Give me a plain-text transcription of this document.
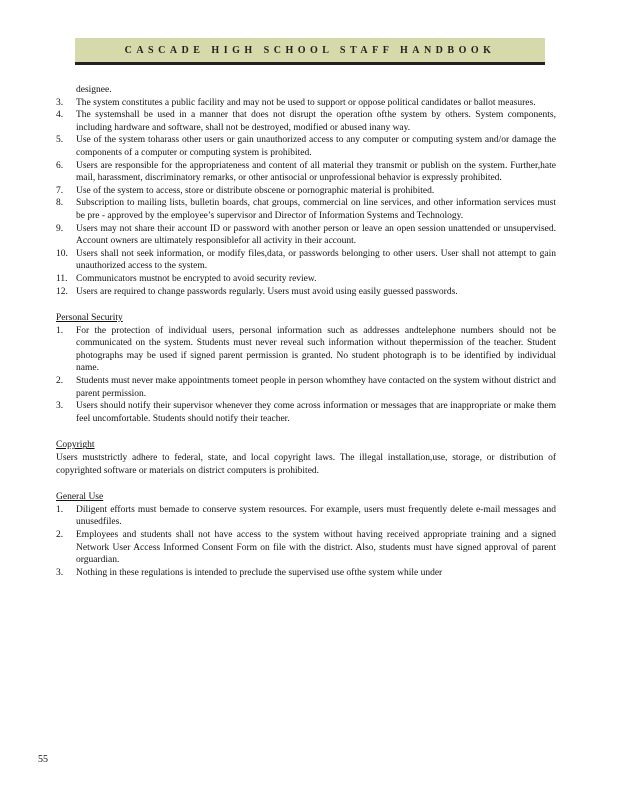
CASCADE HIGH SCHOOL STAFF HANDBOOK
designee.
3. The system constitutes a public facility and may not be used to support or oppose political candidates or ballot measures.
4. The systemshall be used in a manner that does not disrupt the operation ofthe system by others. System components, including hardware and software, shall not be destroyed, modified or abused inany way.
5. Use of the system toharass other users or gain unauthorized access to any computer or computing system and/or damage the components of a computer or computing system is prohibited.
6. Users are responsible for the appropriateness and content of all material they transmit or publish on the system. Further,hate mail, harassment, discriminatory remarks, or other antisocial or unprofessional behavior is expressly prohibited.
7. Use of the system to access, store or distribute obscene or pornographic material is prohibited.
8. Subscription to mailing lists, bulletin boards, chat groups, commercial on line services, and other information services must be pre - approved by the employee’s supervisor and Director of Information Systems and Technology.
9. Users may not share their account ID or password with another person or leave an open session unattended or unsupervised. Account owners are ultimately responsiblefor all activity in their account.
10. Users shall not seek information, or modify files,data, or passwords belonging to other users. User shall not attempt to gain unauthorized access to the system.
11. Communicators mustnot be encrypted to avoid security review.
12. Users are required to change passwords regularly. Users must avoid using easily guessed passwords.
Personal Security
1. For the protection of individual users, personal information such as addresses andtelephone numbers should not be communicated on the system. Students must never reveal such information without thepermission of the teacher. Student photographs may be used if signed parent permission is granted. No student photograph is to be identified by individual name.
2. Students must never make appointments tomeet people in person whomthey have contacted on the system without district and parent permission.
3. Users should notify their supervisor whenever they come across information or messages that are inappropriate or make them feel uncomfortable. Students should notify their teacher.
Copyright
Users muststrictly adhere to federal, state, and local copyright laws. The illegal installation,use, storage, or distribution of copyrighted software or materials on district computers is prohibited.
General Use
1. Diligent efforts must bemade to conserve system resources. For example, users must frequently delete e-mail messages and unusedfiles.
2. Employees and students shall not have access to the system without having received appropriate training and a signed Network User Access Informed Consent Form on file with the district. Also, students must have signed approval of parent orguardian.
3. Nothing in these regulations is intended to preclude the supervised use ofthe system while under
55
